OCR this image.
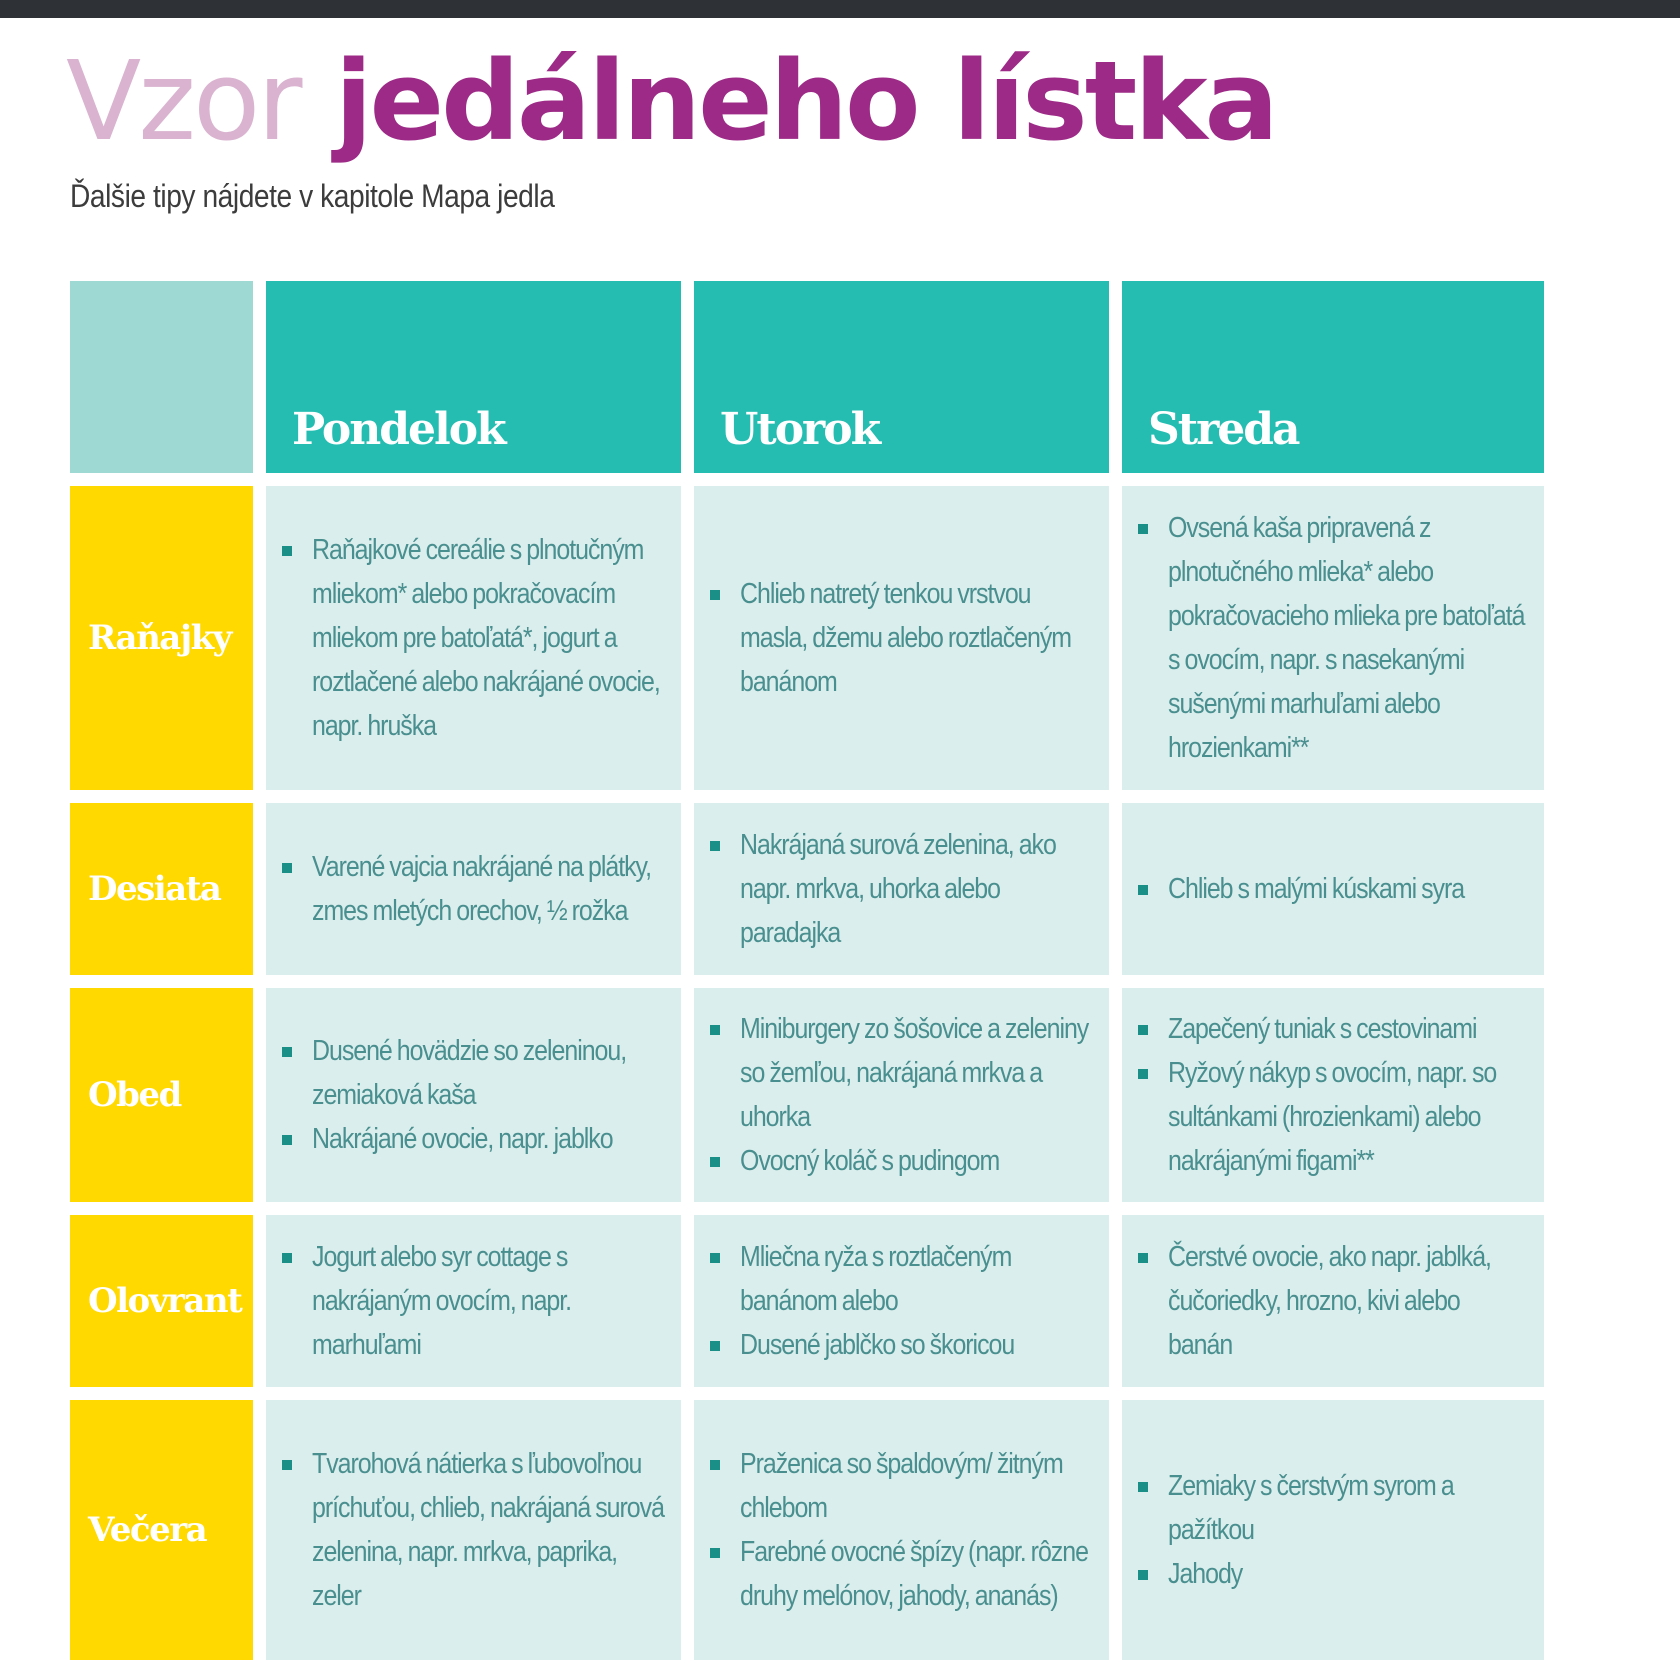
Vzor jedálneho lístka
Ďalšie tipy nájdete v kapitole Mapa jedla
Pondelok	Utorok	Streda
Raňajky
Raňajkové cereálie s plnotučným mliekom* alebo pokračovacím mliekom pre batoľatá*, jogurt a roztlačené alebo nakrájané ovocie, napr. hruška
Chlieb natretý tenkou vrstvou masla, džemu alebo roztlačeným banánom
Ovsená kaša pripravená z plnotučného mlieka* alebo pokračovacieho mlieka pre batoľatá s ovocím, napr. s nasekanými sušenými marhuľami alebo hrozienkami**
Desiata
Varené vajcia nakrájané na plátky, zmes mletých orechov, ½ rožka
Nakrájaná surová zelenina, ako napr. mrkva, uhorka alebo paradajka
Chlieb s malými kúskami syra
Obed
Dusené hovädzie so zeleninou, zemiaková kaša
Nakrájané ovocie, napr. jablko
Miniburgery zo šošovice a zeleniny so žemľou, nakrájaná mrkva a uhorka
Ovocný koláč s pudingom
Zapečený tuniak s cestovinami
Ryžový nákyp s ovocím, napr. so sultánkami (hrozienkami) alebo nakrájanými figami**
Olovrant
Jogurt alebo syr cottage s nakrájaným ovocím, napr. marhuľami
Mliečna ryža s roztlačeným banánom alebo
Dusené jablčko so škoricou
Čerstvé ovocie, ako napr. jablká, čučoriedky, hrozno, kivi alebo banán
Večera
Tvarohová nátierka s ľubovoľnou príchuťou, chlieb, nakrájaná surová zelenina, napr. mrkva, paprika, zeler
Praženica so špaldovým/ žitným chlebom
Farebné ovocné špízy (napr. rôzne druhy melónov, jahody, ananás)
Zemiaky s čerstvým syrom a pažítkou
Jahody
